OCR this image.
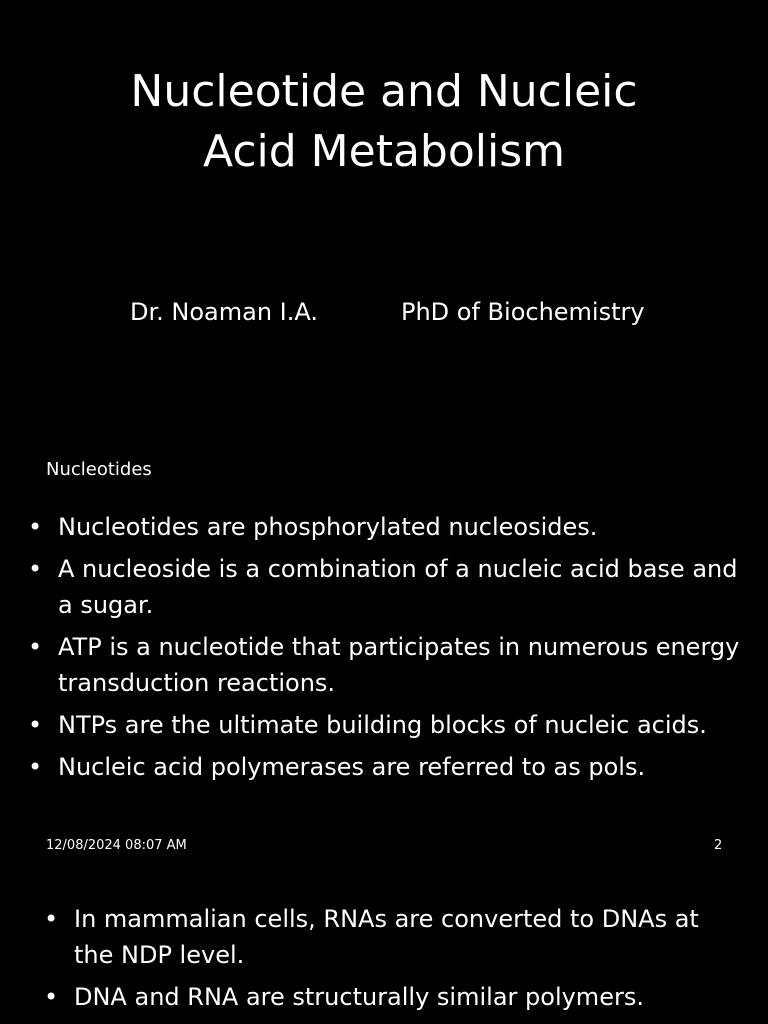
Nucleotide and Nucleic
Acid Metabolism
Dr. Noaman I.A.	PhD of Biochemistry
Nucleotides
• Nucleotides are phosphorylated nucleosides.
• A nucleoside is a combination of a nucleic acid base and a sugar.
• ATP is a nucleotide that participates in numerous energy transduction reactions.
• NTPs are the ultimate building blocks of nucleic acids.
• Nucleic acid polymerases are referred to as pols.
12/08/2024 08:07 AM	2
• In mammalian cells, RNAs are converted to DNAs at the NDP level.
• DNA and RNA are structurally similar polymers.
